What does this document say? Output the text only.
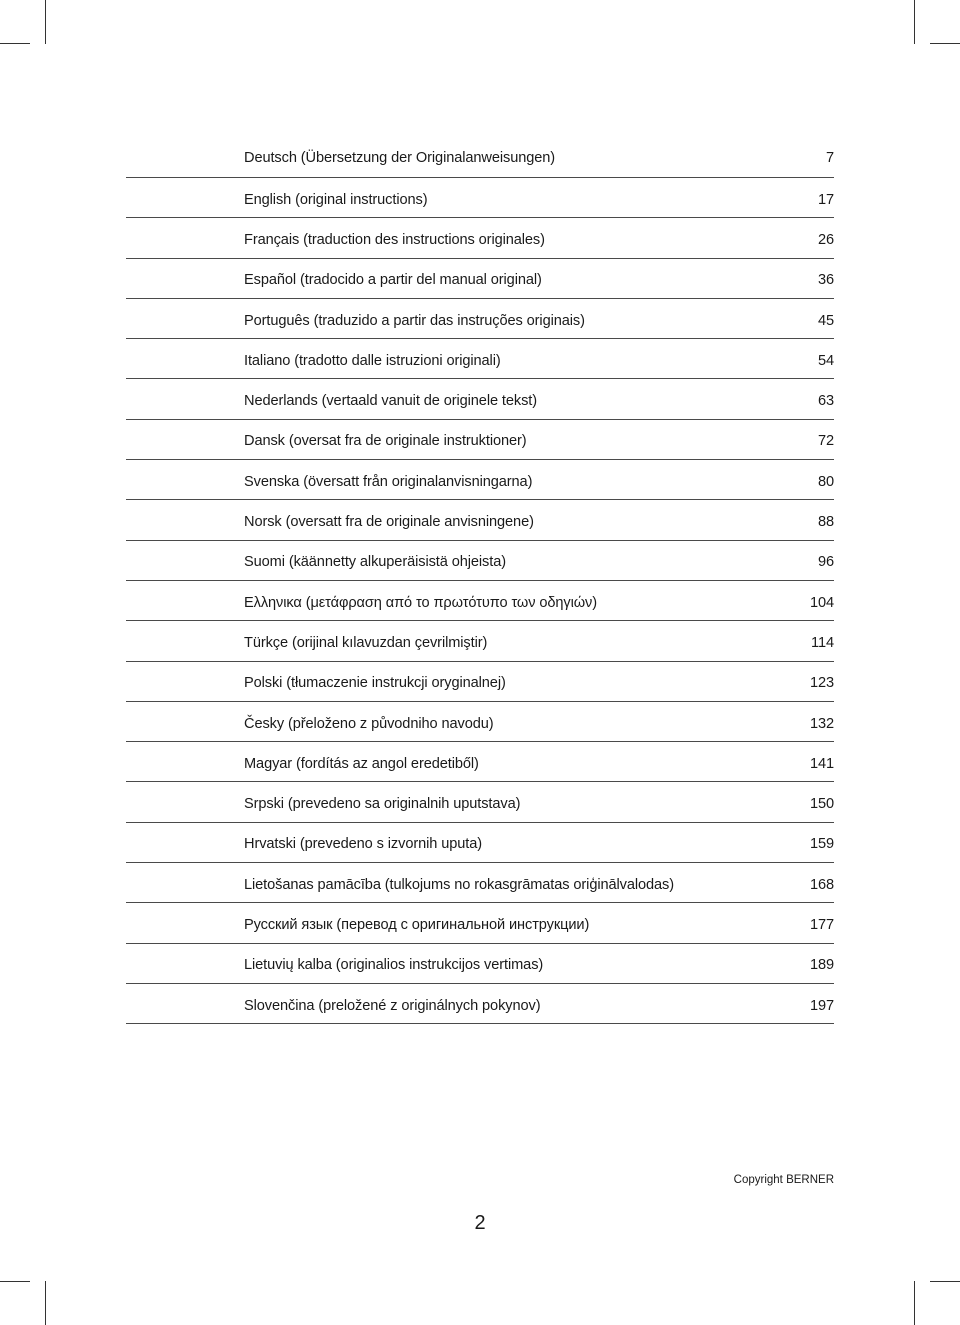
Deutsch (Übersetzung der Originalanweisungen)	7
English (original instructions)	17
Français (traduction des instructions originales)	26
Español (tradocido a partir del manual original)	36
Português (traduzido a partir das instruções originais)	45
Italiano (tradotto dalle istruzioni originali)	54
Nederlands (vertaald vanuit de originele tekst)	63
Dansk (oversat fra de originale instruktioner)	72
Svenska (översatt från originalanvisningarna)	80
Norsk (oversatt fra de originale anvisningene)	88
Suomi (käännetty alkuperäisistä ohjeista)	96
Ελληνικα (μετάφραση από το πρωτότυπο των οδηγιών)	104
Türkçe (orijinal kılavuzdan çevrilmiştir)	114
Polski (tłumaczenie instrukcji oryginalnej)	123
Česky (přeloženo z původniho navodu)	132
Magyar (fordítás az angol eredetiből)	141
Srpski (prevedeno sa originalnih uputstava)	150
Hrvatski (prevedeno s izvornih uputa)	159
Lietošanas pamācība (tulkojums no rokasgrāmatas oriģinālvalodas)	168
Русский язык (перевод с оригинальной инструкции)	177
Lietuvių kalba (originalios instrukcijos vertimas)	189
Slovenčina (preložené z originálnych pokynov)	197
Copyright BERNER
2
